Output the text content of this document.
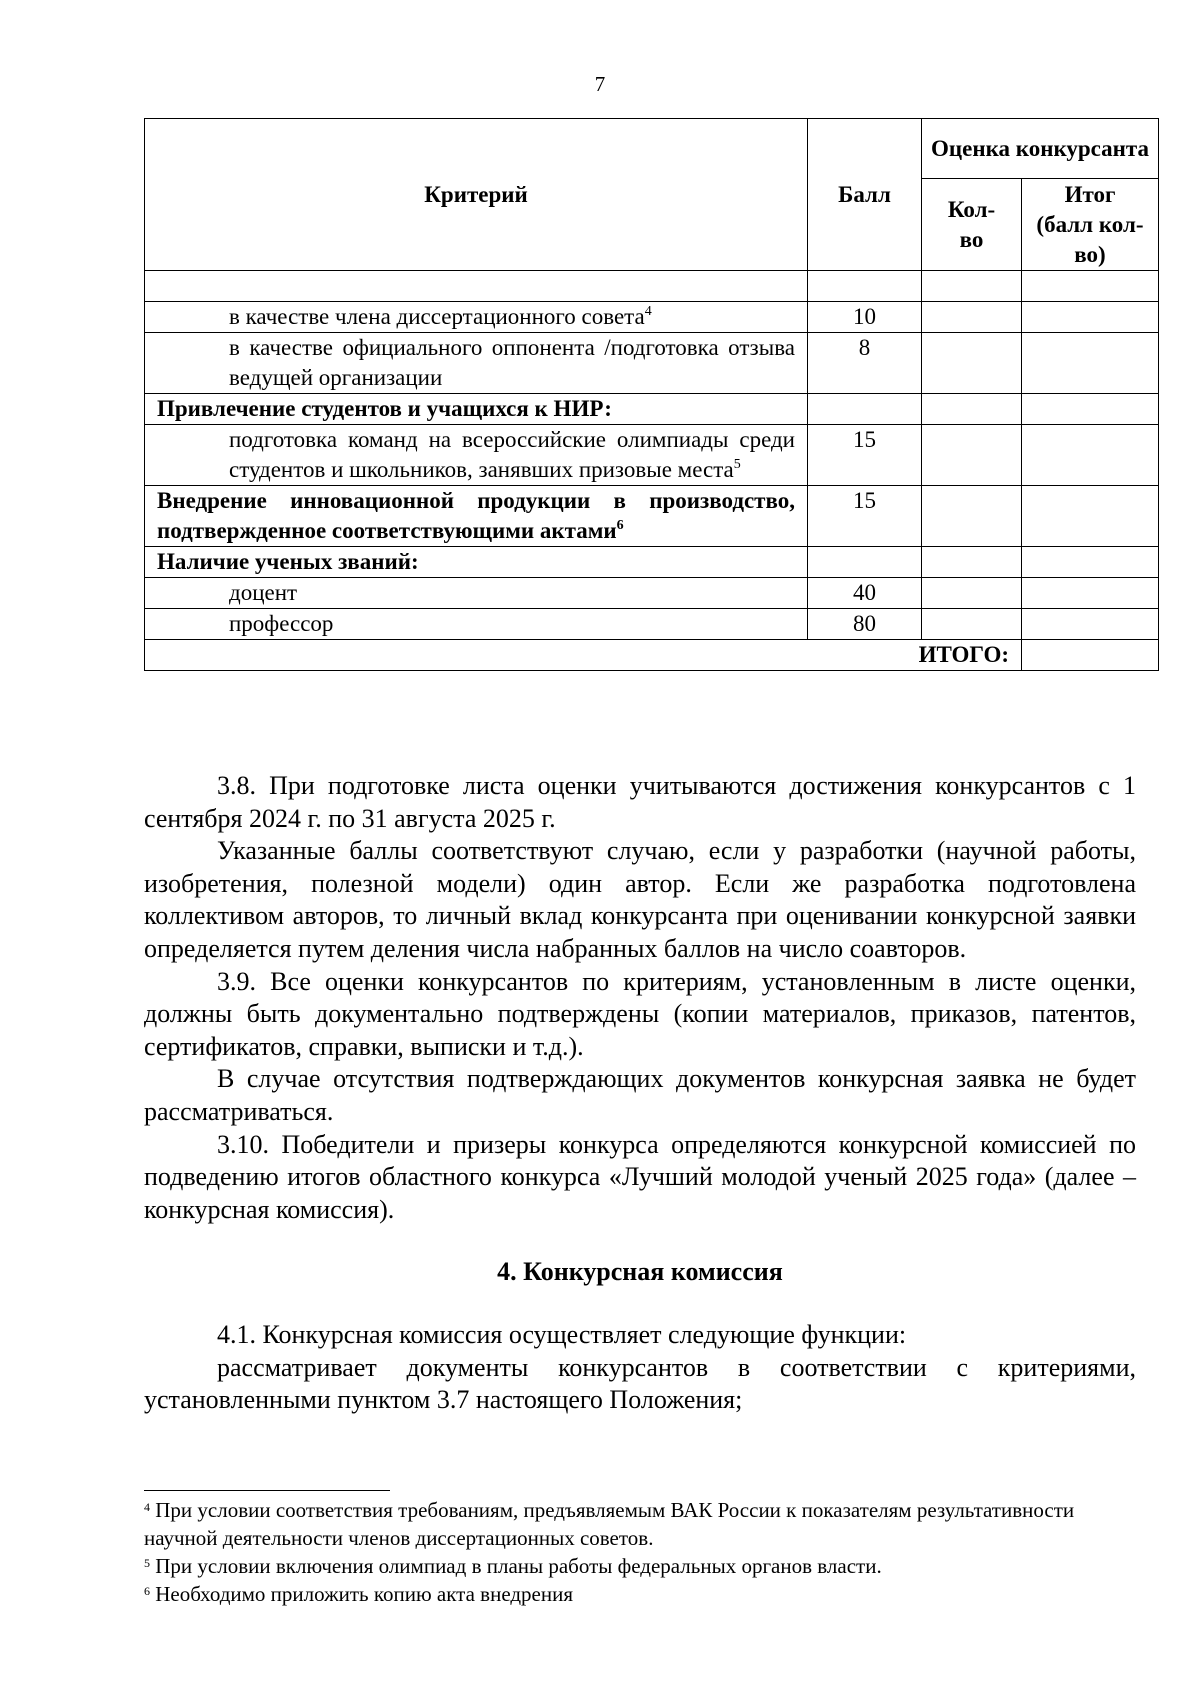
7
Критерий	Балл	Оценка конкурсанта	
		Кол-во	Итог (балл кол-во)

в качестве члена диссертационного совета$^4$	10		
в качестве официального оппонента /подготовка отзыва ведущей организации	8		
Привлечение студентов и учащихся к НИР:			
подготовка команд на всероссийские олимпиады среди студентов и школьников, занявших призовые места$^5$	15		
Внедрение инновационной продукции в производство, подтвержденное соответствующими актами$^6$	15		
Наличие ученых званий:			
доцент	40		
профессор	80		
ИТОГО:			

3.8. При подготовке листа оценки учитываются достижения конкурсантов с 1 сентября 2024 г. по 31 августа 2025 г.

Указанные баллы соответствуют случаю, если у разработки (научной работы, изобретения, полезной модели) один автор. Если же разработка подготовлена коллективом авторов, то личный вклад конкурсанта при оценивании конкурсной заявки определяется путем деления числа набранных баллов на число соавторов.

3.9. Все оценки конкурсантов по критериям, установленным в листе оценки, должны быть документально подтверждены (копии материалов, приказов, патентов, сертификатов, справки, выписки и т.д.).

В случае отсутствия подтверждающих документов конкурсная заявка не будет рассматриваться.

3.10. Победители и призеры конкурса определяются конкурсной комиссией по подведению итогов областного конкурса «Лучший молодой ученый 2025 года» (далее – конкурсная комиссия).

4. Конкурсная комиссия

4.1. Конкурсная комиссия осуществляет следующие функции:

рассматривает документы конкурсантов в соответствии с критериями, установленными пунктом 3.7 настоящего Положения;

$^4$ При условии соответствия требованиям, предъявляемым ВАК России к показателям результативности научной деятельности членов диссертационных советов.

$^5$ При условии включения олимпиад в планы работы федеральных органов власти.

$^6$ Необходимо приложить копию акта внедрения
